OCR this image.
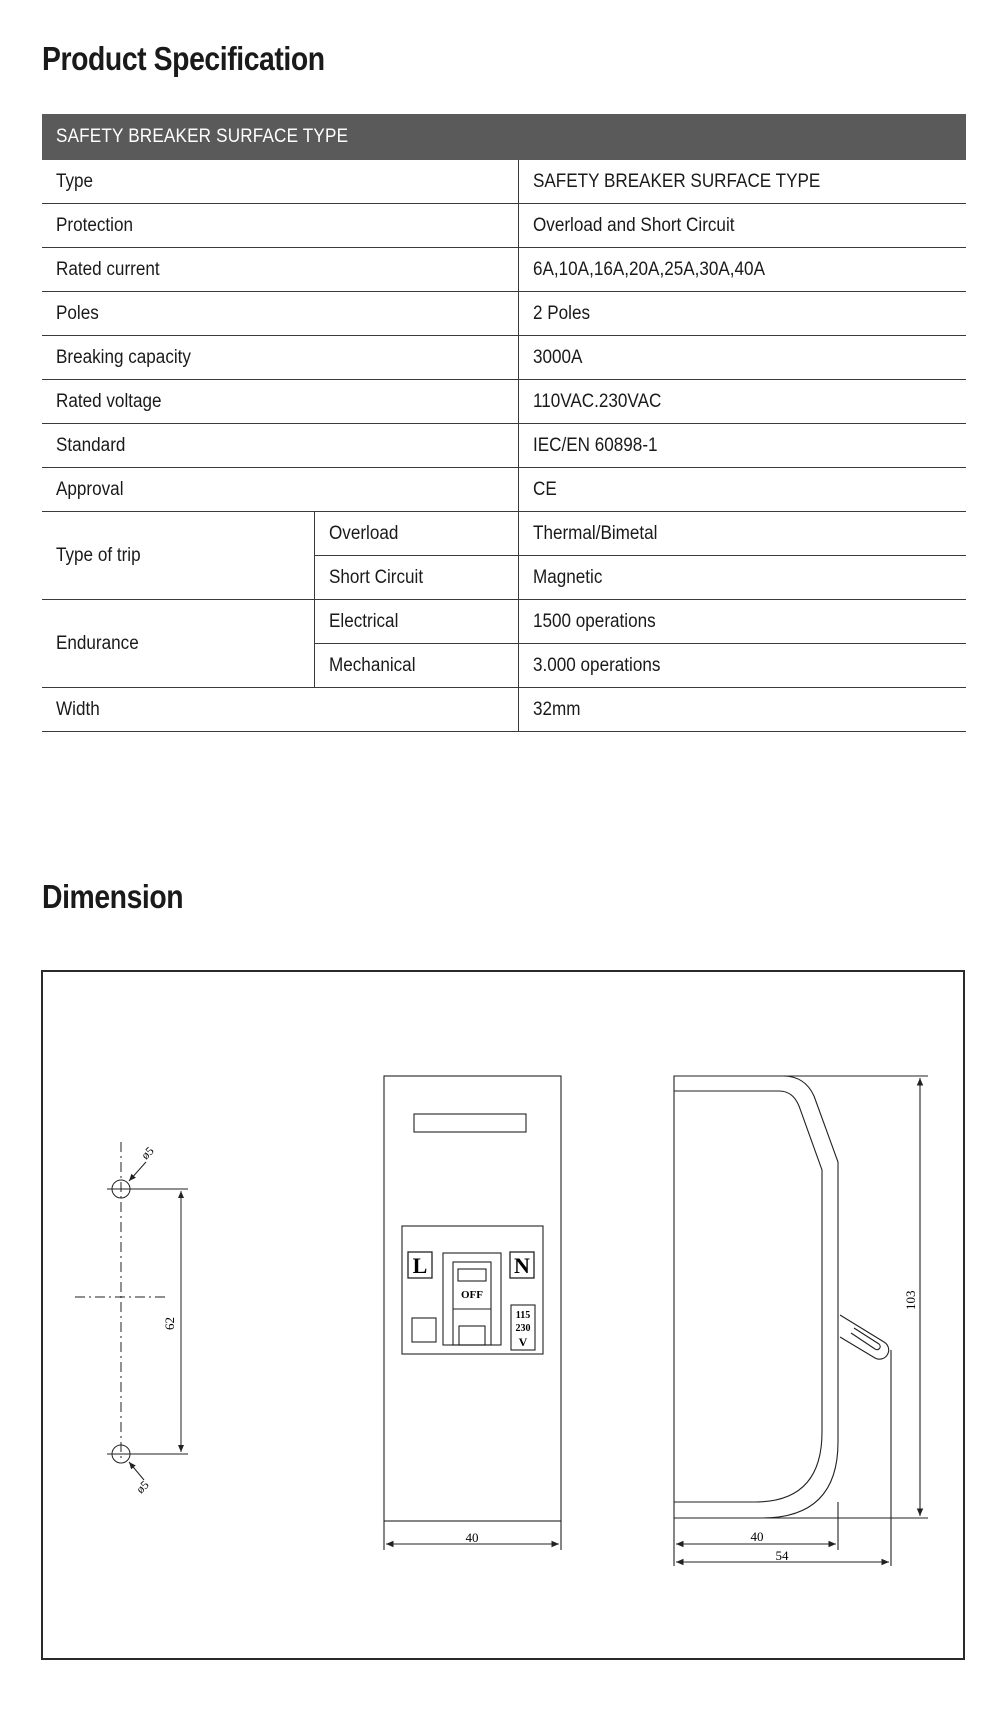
Product Specification
SAFETY BREAKER SURFACE TYPE		
Type		SAFETY BREAKER SURFACE TYPE
Protection		Overload and Short Circuit
Rated current		6A,10A,16A,20A,25A,30A,40A
Poles		2 Poles
Breaking capacity		3000A
Rated voltage		110VAC.230VAC
Standard		IEC/EN 60898-1
Approval		CE
Type of trip	Overload	Thermal/Bimetal
	Short Circuit	Magnetic
Endurance	Electrical	1500 operations
	Mechanical	3.000 operations
Width		32mm
Dimension
ø5
ø5
62
L	N
OFF
115
230
V
40
103
40
54
